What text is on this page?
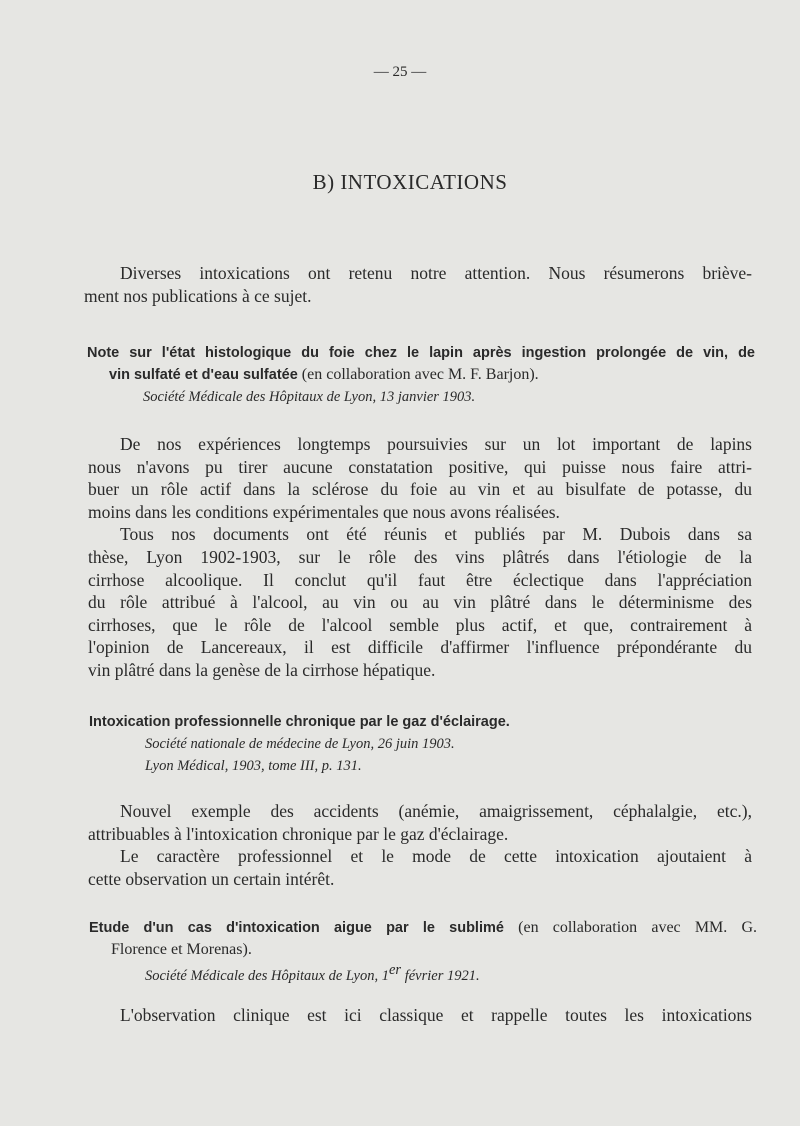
— 25 —
B) INTOXICATIONS
Diverses intoxications ont retenu notre attention. Nous résumerons briève-
ment nos publications à ce sujet.
Note sur l'état histologique du foie chez le lapin après ingestion prolongée de vin, de
vin sulfaté et d'eau sulfatée (en collaboration avec M. F. Barjon).
Société Médicale des Hôpitaux de Lyon, 13 janvier 1903.
De nos expériences longtemps poursuivies sur un lot important de lapins
nous n'avons pu tirer aucune constatation positive, qui puisse nous faire attri-
buer un rôle actif dans la sclérose du foie au vin et au bisulfate de potasse, du
moins dans les conditions expérimentales que nous avons réalisées.
Tous nos documents ont été réunis et publiés par M. Dubois dans sa
thèse, Lyon 1902-1903, sur le rôle des vins plâtrés dans l'étiologie de la
cirrhose alcoolique. Il conclut qu'il faut être éclectique dans l'appréciation
du rôle attribué à l'alcool, au vin ou au vin plâtré dans le déterminisme des
cirrhoses, que le rôle de l'alcool semble plus actif, et que, contrairement à
l'opinion de Lancereaux, il est difficile d'affirmer l'influence prépondérante du
vin plâtré dans la genèse de la cirrhose hépatique.
Intoxication professionnelle chronique par le gaz d'éclairage.
Société nationale de médecine de Lyon, 26 juin 1903.
Lyon Médical, 1903, tome III, p. 131.
Nouvel exemple des accidents (anémie, amaigrissement, céphalalgie, etc.),
attribuables à l'intoxication chronique par le gaz d'éclairage.
Le caractère professionnel et le mode de cette intoxication ajoutaient à
cette observation un certain intérêt.
Etude d'un cas d'intoxication aigue par le sublimé (en collaboration avec MM. G.
Florence et Morenas).
Société Médicale des Hôpitaux de Lyon, 1er février 1921.
L'observation clinique est ici classique et rappelle toutes les intoxications
